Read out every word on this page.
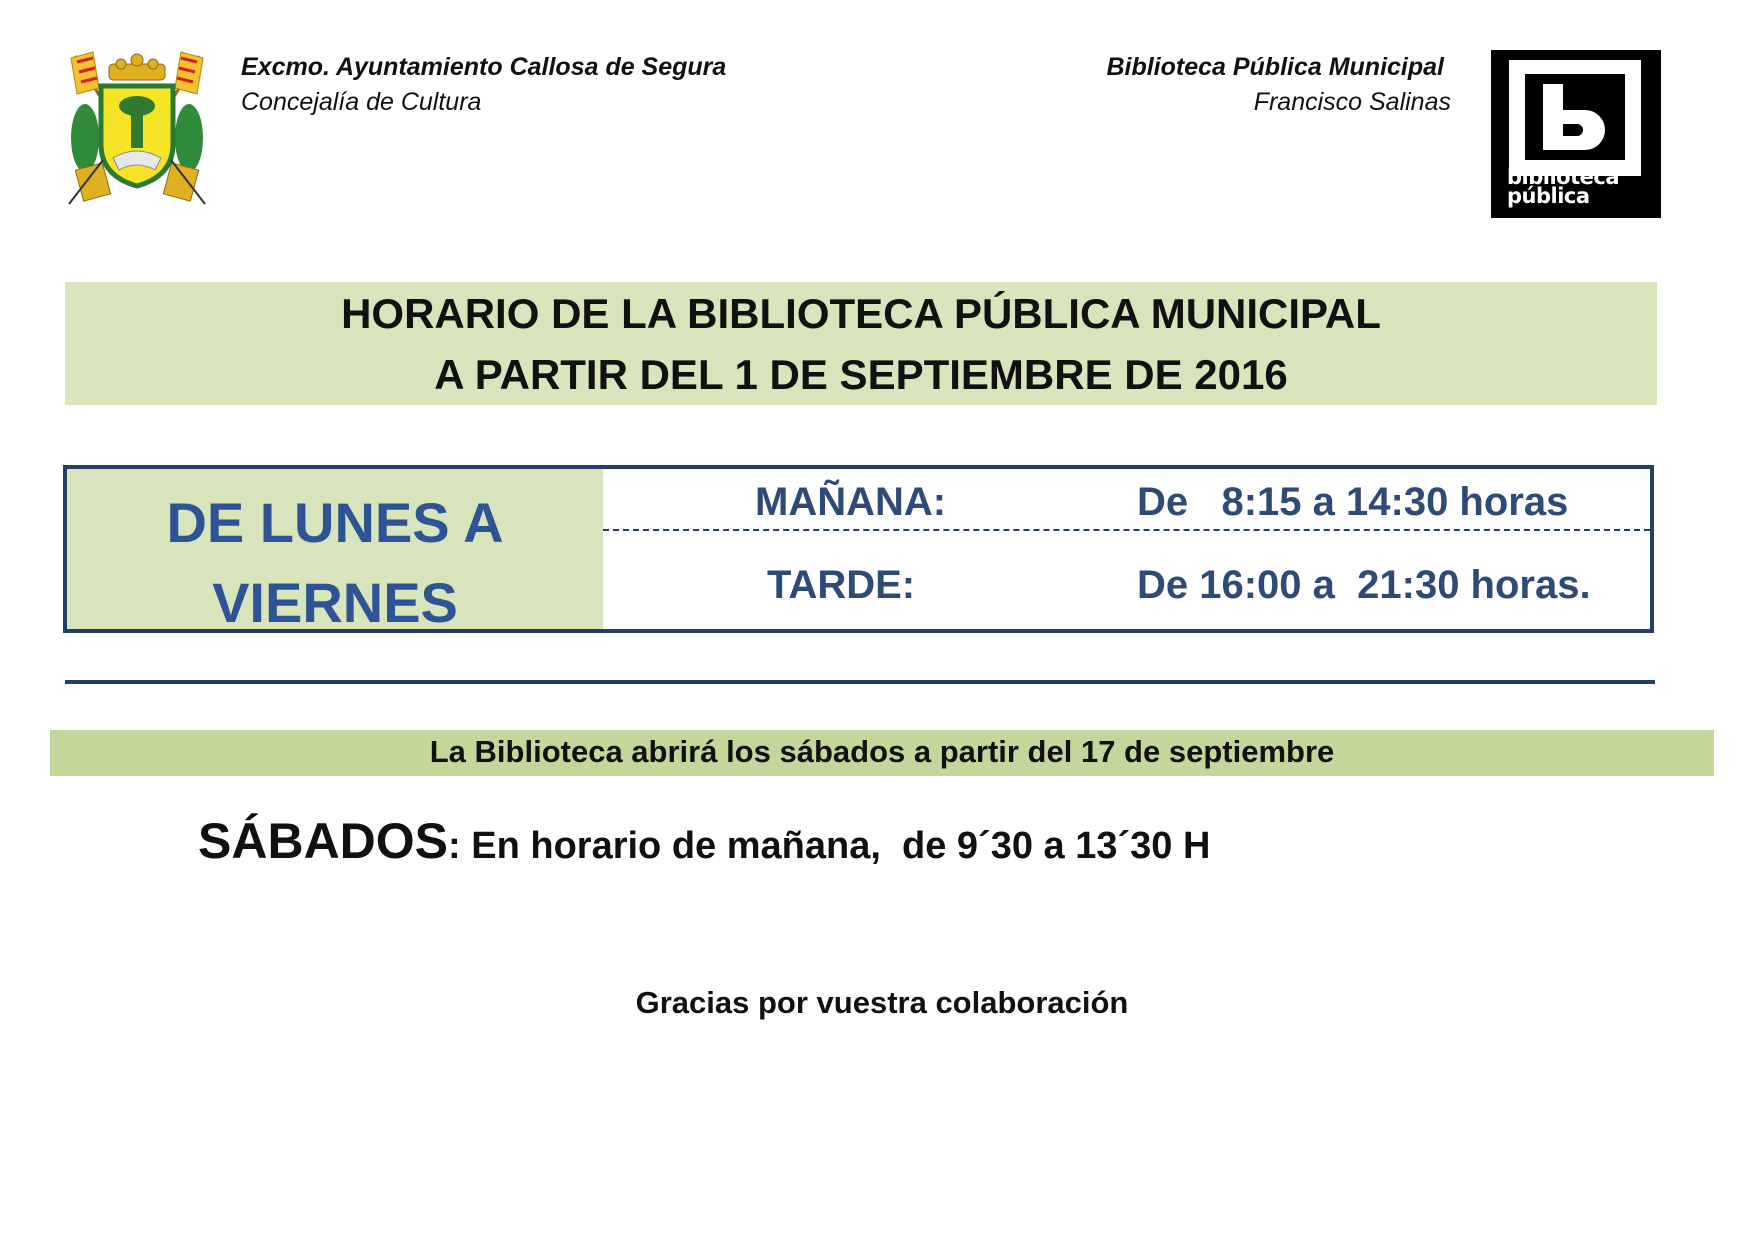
Excmo. Ayuntamiento Callosa de Segura
Concejalía de Cultura
Biblioteca Pública Municipal
Francisco Salinas
biblioteca
pública
HORARIO DE LA BIBLIOTECA PÚBLICA MUNICIPAL
A PARTIR DEL 1 DE SEPTIEMBRE DE 2016
DE LUNES A
VIERNES
MAÑANA:	De   8:15 a 14:30 horas
TARDE:	De 16:00 a  21:30 horas.
La Biblioteca abrirá los sábados a partir del 17 de septiembre
SÁBADOS: En horario de mañana,  de 9´30 a 13´30 H
Gracias por vuestra colaboración
